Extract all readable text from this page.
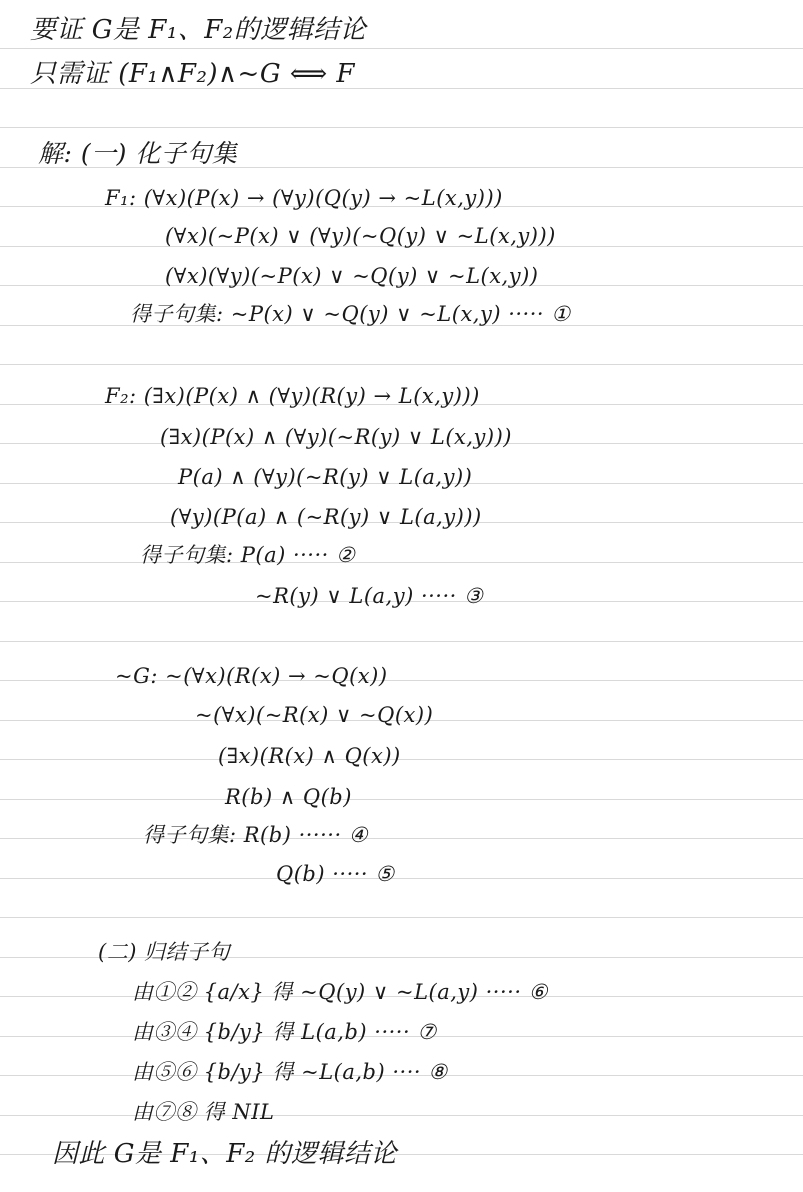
要证 G是 F₁、F₂的逻辑结论
只需证 (F₁∧F₂)∧~G ⟺ F
解: (一) 化子句集
F₁: (∀x)(P(x) → (∀y)(Q(y) → ~L(x,y)))
(∀x)(~P(x) ∨ (∀y)(~Q(y) ∨ ~L(x,y)))
(∀x)(∀y)(~P(x) ∨ ~Q(y) ∨ ~L(x,y))
得子句集: ~P(x) ∨ ~Q(y) ∨ ~L(x,y) ····· ①
F₂: (∃x)(P(x) ∧ (∀y)(R(y) → L(x,y)))
(∃x)(P(x) ∧ (∀y)(~R(y) ∨ L(x,y)))
P(a) ∧ (∀y)(~R(y) ∨ L(a,y))
(∀y)(P(a) ∧ (~R(y) ∨ L(a,y)))
得子句集: P(a) ····· ②
~R(y) ∨ L(a,y) ····· ③
~G: ~(∀x)(R(x) → ~Q(x))
~(∀x)(~R(x) ∨ ~Q(x))
(∃x)(R(x) ∧ Q(x))
R(b) ∧ Q(b)
得子句集: R(b) ······ ④
Q(b) ····· ⑤
(二) 归结子句
由①② {a/x} 得 ~Q(y) ∨ ~L(a,y) ····· ⑥
由③④ {b/y} 得 L(a,b) ····· ⑦
由⑤⑥ {b/y} 得 ~L(a,b) ···· ⑧
由⑦⑧ 得 NIL
因此 G是 F₁、F₂ 的逻辑结论
